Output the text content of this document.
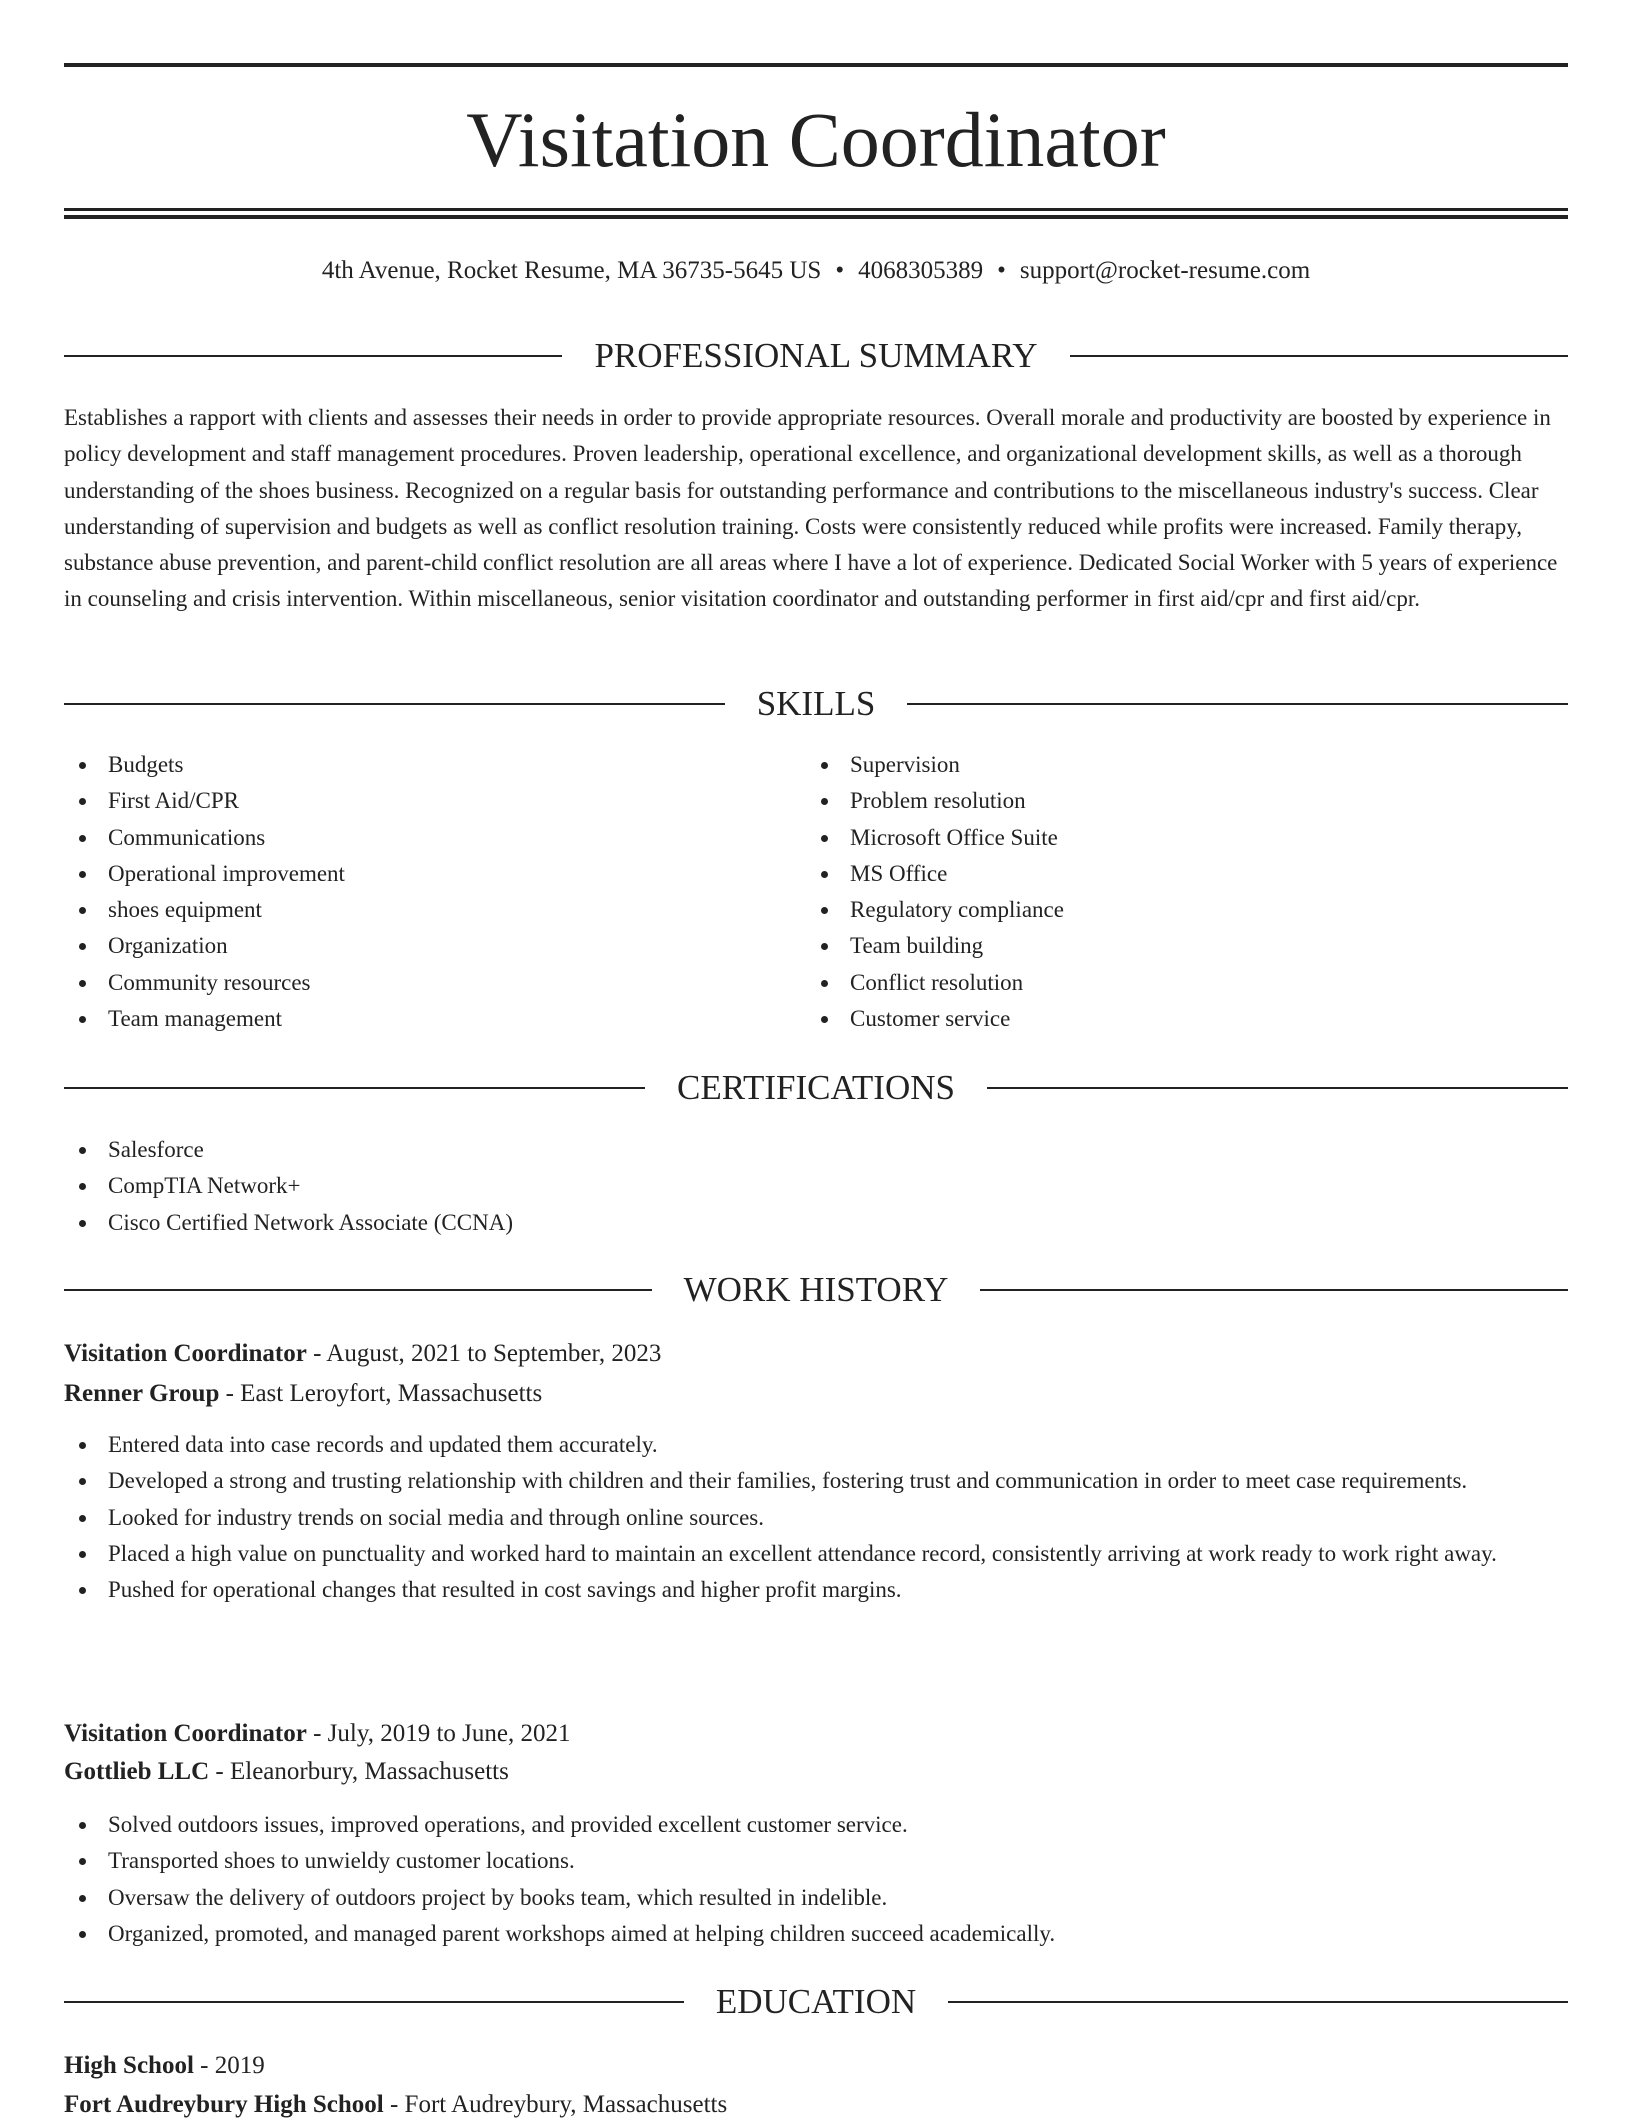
Visitation Coordinator
4th Avenue, Rocket Resume, MA 36735-5645 US • 4068305389 • support@rocket-resume.com
PROFESSIONAL SUMMARY
Establishes a rapport with clients and assesses their needs in order to provide appropriate resources. Overall morale and productivity are boosted by experience in policy development and staff management procedures. Proven leadership, operational excellence, and organizational development skills, as well as a thorough understanding of the shoes business. Recognized on a regular basis for outstanding performance and contributions to the miscellaneous industry's success. Clear understanding of supervision and budgets as well as conflict resolution training. Costs were consistently reduced while profits were increased. Family therapy, substance abuse prevention, and parent-child conflict resolution are all areas where I have a lot of experience. Dedicated Social Worker with 5 years of experience in counseling and crisis intervention. Within miscellaneous, senior visitation coordinator and outstanding performer in first aid/cpr and first aid/cpr.
SKILLS
Budgets
First Aid/CPR
Communications
Operational improvement
shoes equipment
Organization
Community resources
Team management
Supervision
Problem resolution
Microsoft Office Suite
MS Office
Regulatory compliance
Team building
Conflict resolution
Customer service
CERTIFICATIONS
Salesforce
CompTIA Network+
Cisco Certified Network Associate (CCNA)
WORK HISTORY
Visitation Coordinator - August, 2021 to September, 2023
Renner Group - East Leroyfort, Massachusetts
Entered data into case records and updated them accurately.
Developed a strong and trusting relationship with children and their families, fostering trust and communication in order to meet case requirements.
Looked for industry trends on social media and through online sources.
Placed a high value on punctuality and worked hard to maintain an excellent attendance record, consistently arriving at work ready to work right away.
Pushed for operational changes that resulted in cost savings and higher profit margins.
Visitation Coordinator - July, 2019 to June, 2021
Gottlieb LLC - Eleanorbury, Massachusetts
Solved outdoors issues, improved operations, and provided excellent customer service.
Transported shoes to unwieldy customer locations.
Oversaw the delivery of outdoors project by books team, which resulted in indelible.
Organized, promoted, and managed parent workshops aimed at helping children succeed academically.
EDUCATION
High School - 2019
Fort Audreybury High School - Fort Audreybury, Massachusetts
